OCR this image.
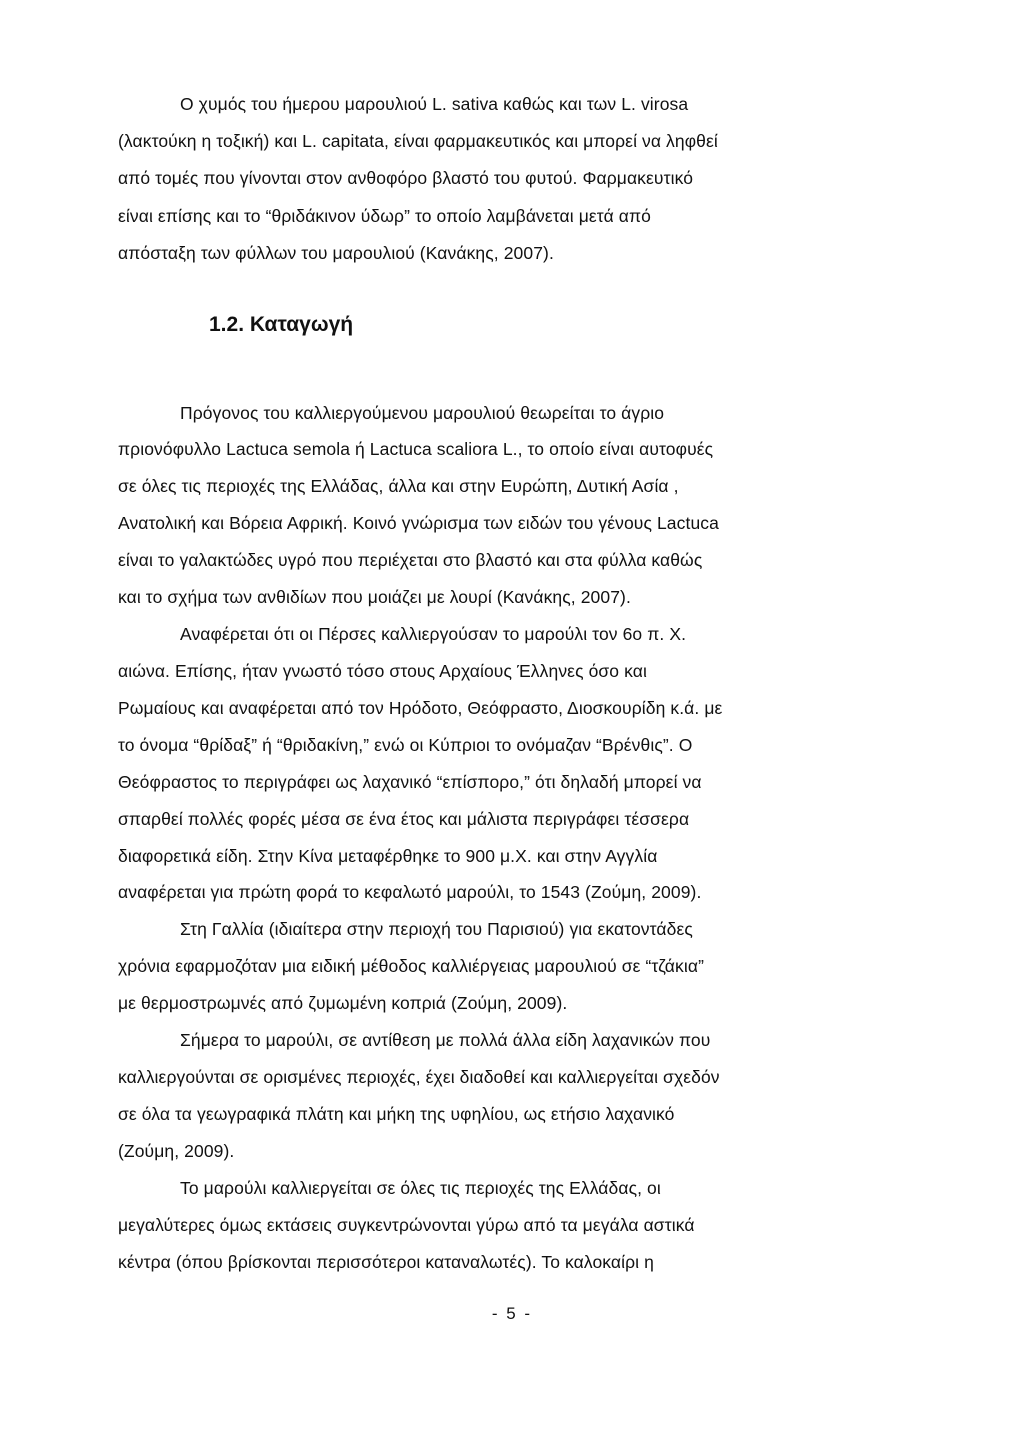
Ο χυμός του ήμερου μαρουλιού L. sativa καθώς και των L. virosa
(λακτούκη η τοξική) και L. capitata, είναι φαρμακευτικός και μπορεί να ληφθεί
από τομές που γίνονται στον ανθοφόρο βλαστό του φυτού. Φαρμακευτικό
είναι επίσης και το “θριδάκινον ύδωρ” το οποίο λαμβάνεται μετά από
απόσταξη των φύλλων του μαρουλιού (Κανάκης, 2007).
1.2. Καταγωγή
Πρόγονος του καλλιεργούμενου μαρουλιού θεωρείται το άγριο
πριονόφυλλο Lactuca semola ή Lactuca scaliora L., το οποίο είναι αυτοφυές
σε όλες τις περιοχές της Ελλάδας, άλλα και στην Ευρώπη, Δυτική Ασία ,
Ανατολική και Βόρεια Αφρική. Κοινό γνώρισμα των ειδών του γένους Lactuca
είναι το γαλακτώδες υγρό που περιέχεται στο βλαστό και στα φύλλα καθώς
και το σχήμα των ανθιδίων που μοιάζει με λουρί (Κανάκης, 2007).
Αναφέρεται ότι οι Πέρσες καλλιεργούσαν το μαρούλι τον 6ο π. Χ.
αιώνα. Επίσης, ήταν γνωστό τόσο στους Αρχαίους Έλληνες όσο και
Ρωμαίους και αναφέρεται από τον Ηρόδοτο, Θεόφραστο, Διοσκουρίδη κ.ά. με
το όνομα “θρίδαξ” ή “θριδακίνη,” ενώ οι Κύπριοι το ονόμαζαν “Βρένθις”. Ο
Θεόφραστος το περιγράφει ως λαχανικό “επίσπορο,” ότι δηλαδή μπορεί να
σπαρθεί πολλές φορές μέσα σε ένα έτος και μάλιστα περιγράφει τέσσερα
διαφορετικά είδη. Στην Κίνα μεταφέρθηκε το 900 μ.Χ. και στην Αγγλία
αναφέρεται για πρώτη φορά το κεφαλωτό μαρούλι, το 1543 (Ζούμη, 2009).
Στη Γαλλία (ιδιαίτερα στην περιοχή του Παρισιού) για εκατοντάδες
χρόνια εφαρμοζόταν μια ειδική μέθοδος καλλιέργειας μαρουλιού σε “τζάκια”
με θερμοστρωμνές από ζυμωμένη κοπριά (Ζούμη, 2009).
Σήμερα το μαρούλι, σε αντίθεση με πολλά άλλα είδη λαχανικών που
καλλιεργούνται σε ορισμένες περιοχές, έχει διαδοθεί και καλλιεργείται σχεδόν
σε όλα τα γεωγραφικά πλάτη και μήκη της υφηλίου, ως ετήσιο λαχανικό
(Ζούμη, 2009).
Το μαρούλι καλλιεργείται σε όλες τις περιοχές της Ελλάδας, οι
μεγαλύτερες όμως εκτάσεις συγκεντρώνονται γύρω από τα μεγάλα αστικά
κέντρα (όπου βρίσκονται περισσότεροι καταναλωτές). Το καλοκαίρι η
- 5 -
